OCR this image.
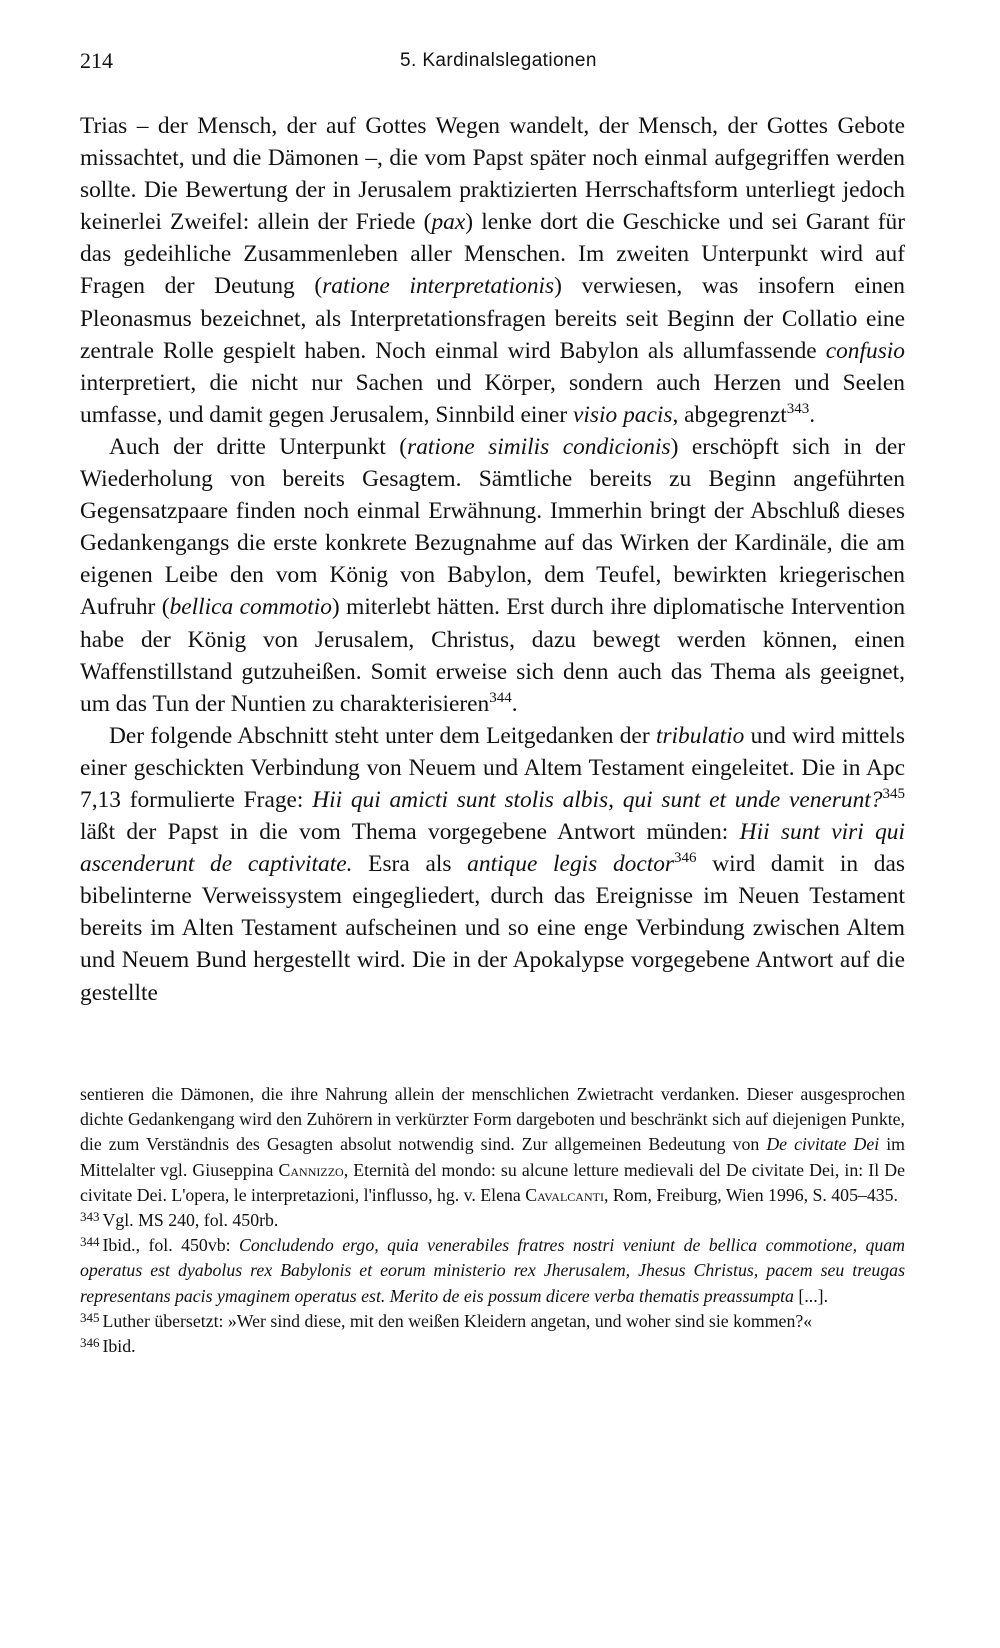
214	5. Kardinalslegationen

Trias – der Mensch, der auf Gottes Wegen wandelt, der Mensch, der Gottes Gebote missachtet, und die Dämonen –, die vom Papst später noch einmal aufgegriffen werden sollte. Die Bewertung der in Jerusalem praktizierten Herrschaftsform unterliegt jedoch keinerlei Zweifel: allein der Friede (pax) lenke dort die Geschicke und sei Garant für das gedeihliche Zusammenleben aller Menschen. Im zweiten Unterpunkt wird auf Fragen der Deutung (ratione interpretationis) verwiesen, was insofern einen Pleonasmus bezeichnet, als Interpretationsfragen bereits seit Beginn der Collatio eine zentrale Rolle gespielt haben. Noch einmal wird Babylon als allumfassende confusio interpretiert, die nicht nur Sachen und Körper, sondern auch Herzen und Seelen umfasse, und damit gegen Jerusalem, Sinnbild einer visio pacis, abgegrenzt$^{343}$.

Auch der dritte Unterpunkt (ratione similis condicionis) erschöpft sich in der Wiederholung von bereits Gesagtem. Sämtliche bereits zu Beginn angeführten Gegensatzpaare finden noch einmal Erwähnung. Immerhin bringt der Abschluß dieses Gedankengangs die erste konkrete Bezugnahme auf das Wirken der Kardinäle, die am eigenen Leibe den vom König von Babylon, dem Teufel, bewirkten kriegerischen Aufruhr (bellica commotio) miterlebt hätten. Erst durch ihre diplomatische Intervention habe der König von Jerusalem, Christus, dazu bewegt werden können, einen Waffenstillstand gutzuheißen. Somit erweise sich denn auch das Thema als geeignet, um das Tun der Nuntien zu charakterisieren$^{344}$.

Der folgende Abschnitt steht unter dem Leitgedanken der tribulatio und wird mittels einer geschickten Verbindung von Neuem und Altem Testament eingeleitet. Die in Apc 7,13 formulierte Frage: Hii qui amicti sunt stolis albis, qui sunt et unde venerunt?$^{345}$ läßt der Papst in die vom Thema vorgegebene Antwort münden: Hii sunt viri qui ascenderunt de captivitate. Esra als antique legis doctor$^{346}$ wird damit in das bibelinterne Verweissystem eingegliedert, durch das Ereignisse im Neuen Testament bereits im Alten Testament aufscheinen und so eine enge Verbindung zwischen Altem und Neuem Bund hergestellt wird. Die in der Apokalypse vorgegebene Antwort auf die gestellte

sentieren die Dämonen, die ihre Nahrung allein der menschlichen Zwietracht verdanken. Dieser ausgesprochen dichte Gedankengang wird den Zuhörern in verkürzter Form dargeboten und beschränkt sich auf diejenigen Punkte, die zum Verständnis des Gesagten absolut notwendig sind. Zur allgemeinen Bedeutung von De civitate Dei im Mittelalter vgl. Giuseppina Cannizzo, Eternità del mondo: su alcune letture medievali del De civitate Dei, in: Il De civitate Dei. L'opera, le interpretazioni, l'influsso, hg. v. Elena Cavalcanti, Rom, Freiburg, Wien 1996, S. 405–435.

$^{343}$ Vgl. MS 240, fol. 450rb.

$^{344}$ Ibid., fol. 450vb: Concludendo ergo, quia venerabiles fratres nostri veniunt de bellica commotione, quam operatus est dyabolus rex Babylonis et eorum ministerio rex Jherusalem, Jhesus Christus, pacem seu treugas representans pacis ymaginem operatus est. Merito de eis possum dicere verba thematis preassumpta [...].

$^{345}$ Luther übersetzt: »Wer sind diese, mit den weißen Kleidern angetan, und woher sind sie kommen?«

$^{346}$ Ibid.
